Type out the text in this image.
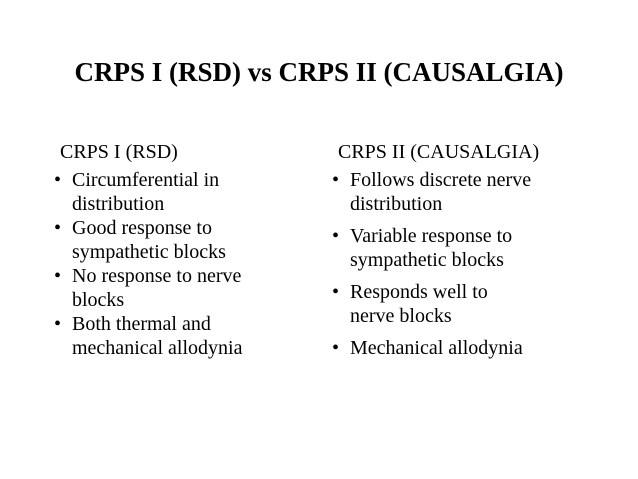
CRPS I (RSD) vs CRPS II (CAUSALGIA)
CRPS I (RSD)
• Circumferential in
distribution
• Good response to
sympathetic blocks
• No response to nerve
blocks
• Both thermal and
mechanical allodynia
CRPS II (CAUSALGIA)
• Follows discrete nerve
distribution
• Variable response to
sympathetic blocks
• Responds well to
nerve blocks
• Mechanical allodynia
